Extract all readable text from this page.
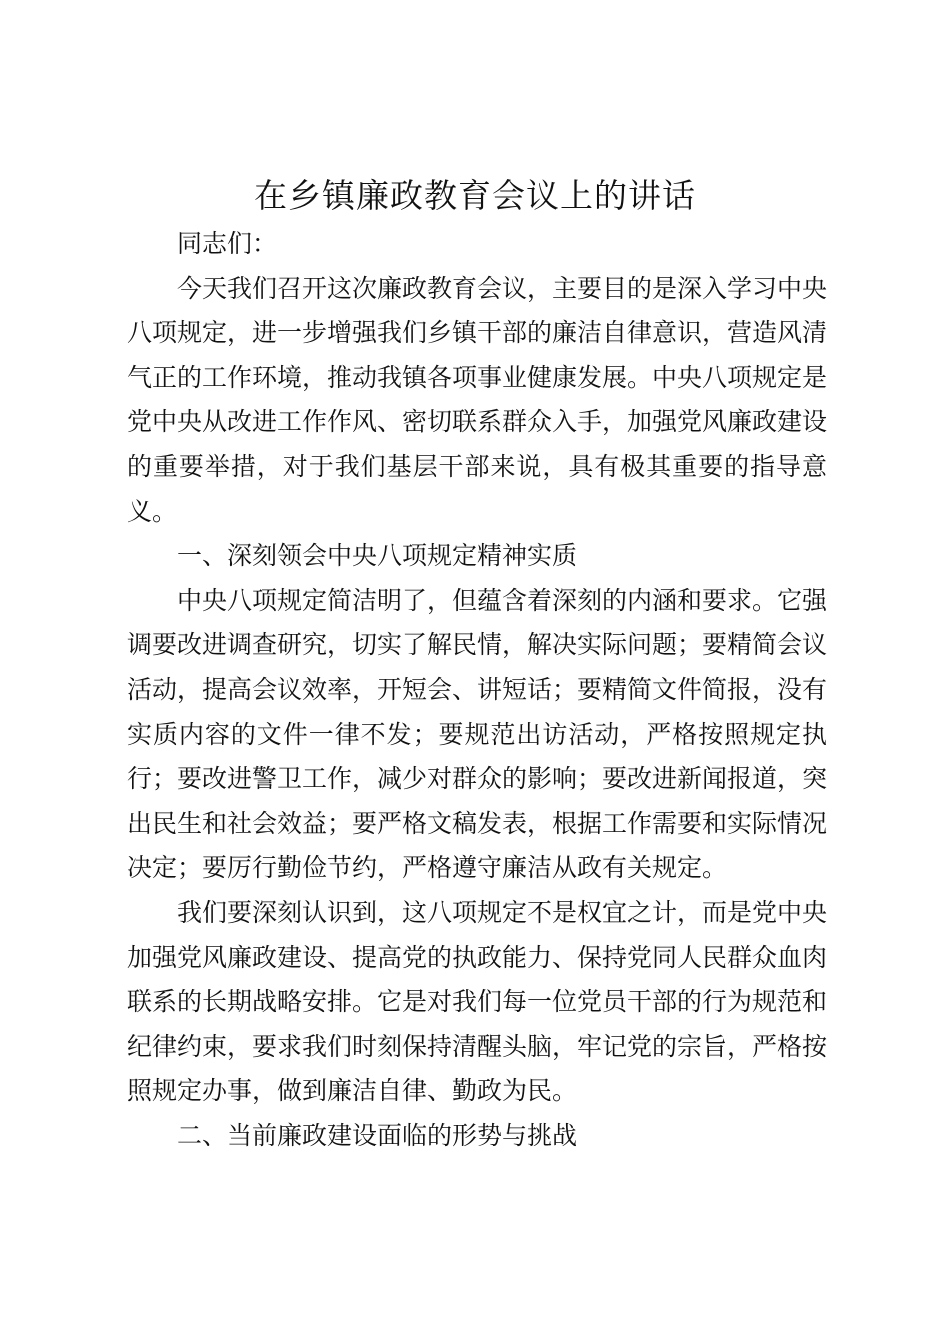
在乡镇廉政教育会议上的讲话

同志们：

今天我们召开这次廉政教育会议，主要目的是深入学习中央八项规定，进一步增强我们乡镇干部的廉洁自律意识，营造风清气正的工作环境，推动我镇各项事业健康发展。中央八项规定是党中央从改进工作作风、密切联系群众入手，加强党风廉政建设的重要举措，对于我们基层干部来说，具有极其重要的指导意义。

一、深刻领会中央八项规定精神实质

中央八项规定简洁明了，但蕴含着深刻的内涵和要求。它强调要改进调查研究，切实了解民情，解决实际问题；要精简会议活动，提高会议效率，开短会、讲短话；要精简文件简报，没有实质内容的文件一律不发；要规范出访活动，严格按照规定执行；要改进警卫工作，减少对群众的影响；要改进新闻报道，突出民生和社会效益；要严格文稿发表，根据工作需要和实际情况决定；要厉行勤俭节约，严格遵守廉洁从政有关规定。

我们要深刻认识到，这八项规定不是权宜之计，而是党中央加强党风廉政建设、提高党的执政能力、保持党同人民群众血肉联系的长期战略安排。它是对我们每一位党员干部的行为规范和纪律约束，要求我们时刻保持清醒头脑，牢记党的宗旨，严格按照规定办事，做到廉洁自律、勤政为民。

二、当前廉政建设面临的形势与挑战
